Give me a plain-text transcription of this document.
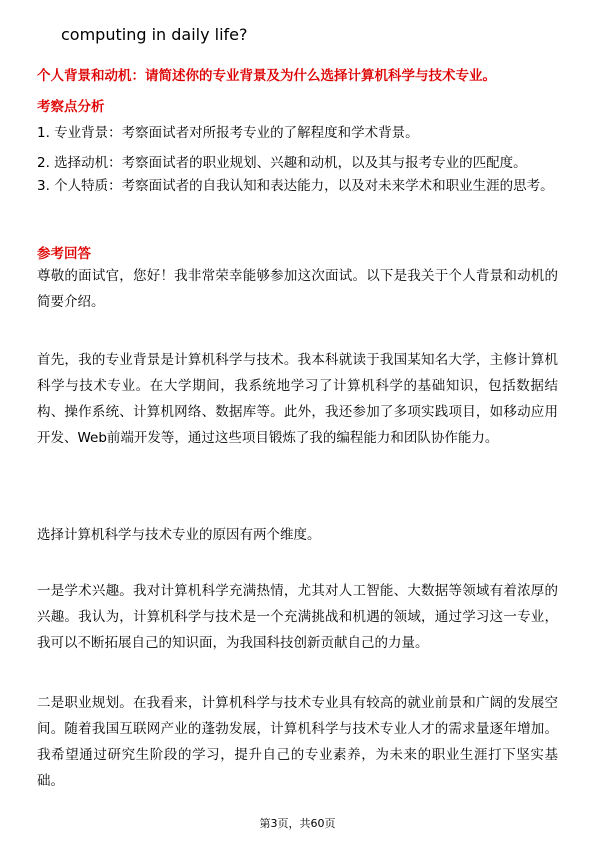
computing in daily life?
个人背景和动机：请简述你的专业背景及为什么选择计算机科学与技术专业。
考察点分析
1. 专业背景：考察面试者对所报考专业的了解程度和学术背景。
2. 选择动机：考察面试者的职业规划、兴趣和动机，以及其与报考专业的匹配度。

3. 个人特质：考察面试者的自我认知和表达能力，以及对未来学术和职业生涯的思考。

参考回答

尊敬的面试官，您好！我非常荣幸能够参加这次面试。以下是我关于个人背景和动机的简要介绍。

首先，我的专业背景是计算机科学与技术。我本科就读于我国某知名大学，主修计算机科学与技术专业。在大学期间，我系统地学习了计算机科学的基础知识，包括数据结构、操作系统、计算机网络、数据库等。此外，我还参加了多项实践项目，如移动应用开发、Web前端开发等，通过这些项目锻炼了我的编程能力和团队协作能力。

选择计算机科学与技术专业的原因有两个维度。

一是学术兴趣。我对计算机科学充满热情，尤其对人工智能、大数据等领域有着浓厚的兴趣。我认为，计算机科学与技术是一个充满挑战和机遇的领域，通过学习这一专业，我可以不断拓展自己的知识面，为我国科技创新贡献自己的力量。

二是职业规划。在我看来，计算机科学与技术专业具有较高的就业前景和广阔的发展空间。随着我国互联网产业的蓬勃发展，计算机科学与技术专业人才的需求量逐年增加。我希望通过研究生阶段的学习，提升自己的专业素养，为未来的职业生涯打下坚实基础。

第3页，共60页
